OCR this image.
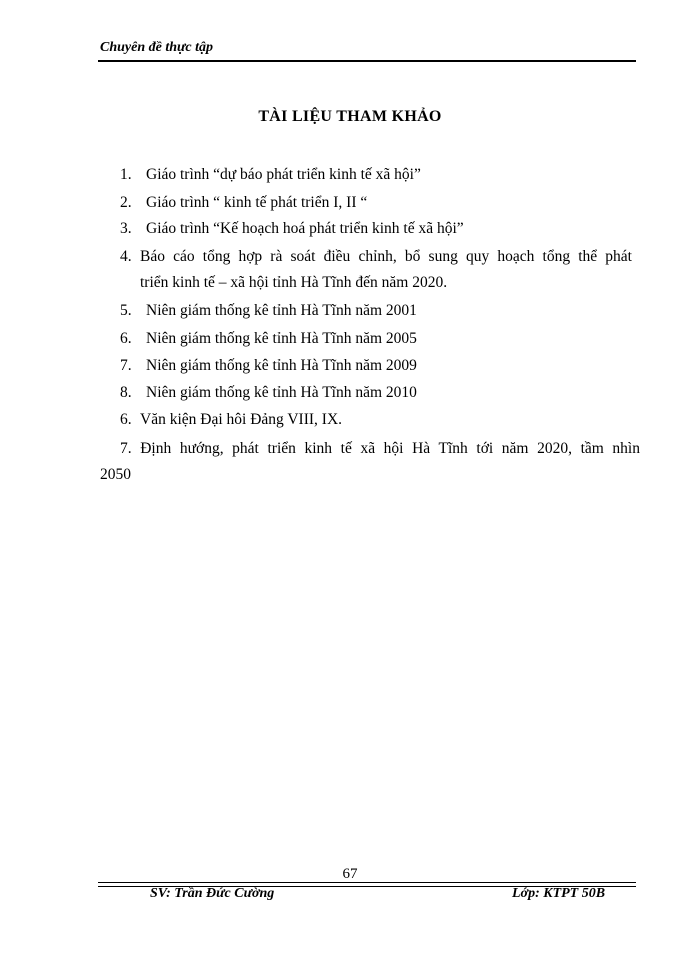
Chuyên đề thực tập
TÀI LIỆU THAM KHẢO
1. Giáo trình “dự báo phát triển kinh tế xã hội”
2. Giáo trình “ kinh tế phát triển I, II “
3. Giáo trình “Kế hoạch hoá phát triển kinh tế xã hội”
4. Báo cáo tổng hợp rà soát điều chỉnh, bổ sung quy hoạch tổng thể phát
triển kinh tế – xã hội tỉnh Hà Tĩnh đến năm 2020.
5. Niên giám thống kê tỉnh Hà Tĩnh năm 2001
6. Niên giám thống kê tỉnh Hà Tĩnh năm 2005
7. Niên giám thống kê tỉnh Hà Tĩnh năm 2009
8. Niên giám thống kê tỉnh Hà Tĩnh năm 2010
6. Văn kiện Đại hôi Đảng VIII, IX.
7. Định hướng, phát triển kinh tế xã hội Hà Tĩnh tới năm 2020, tầm nhìn
2050
67
SV: Trần Đức Cường	Lớp: KTPT 50B
